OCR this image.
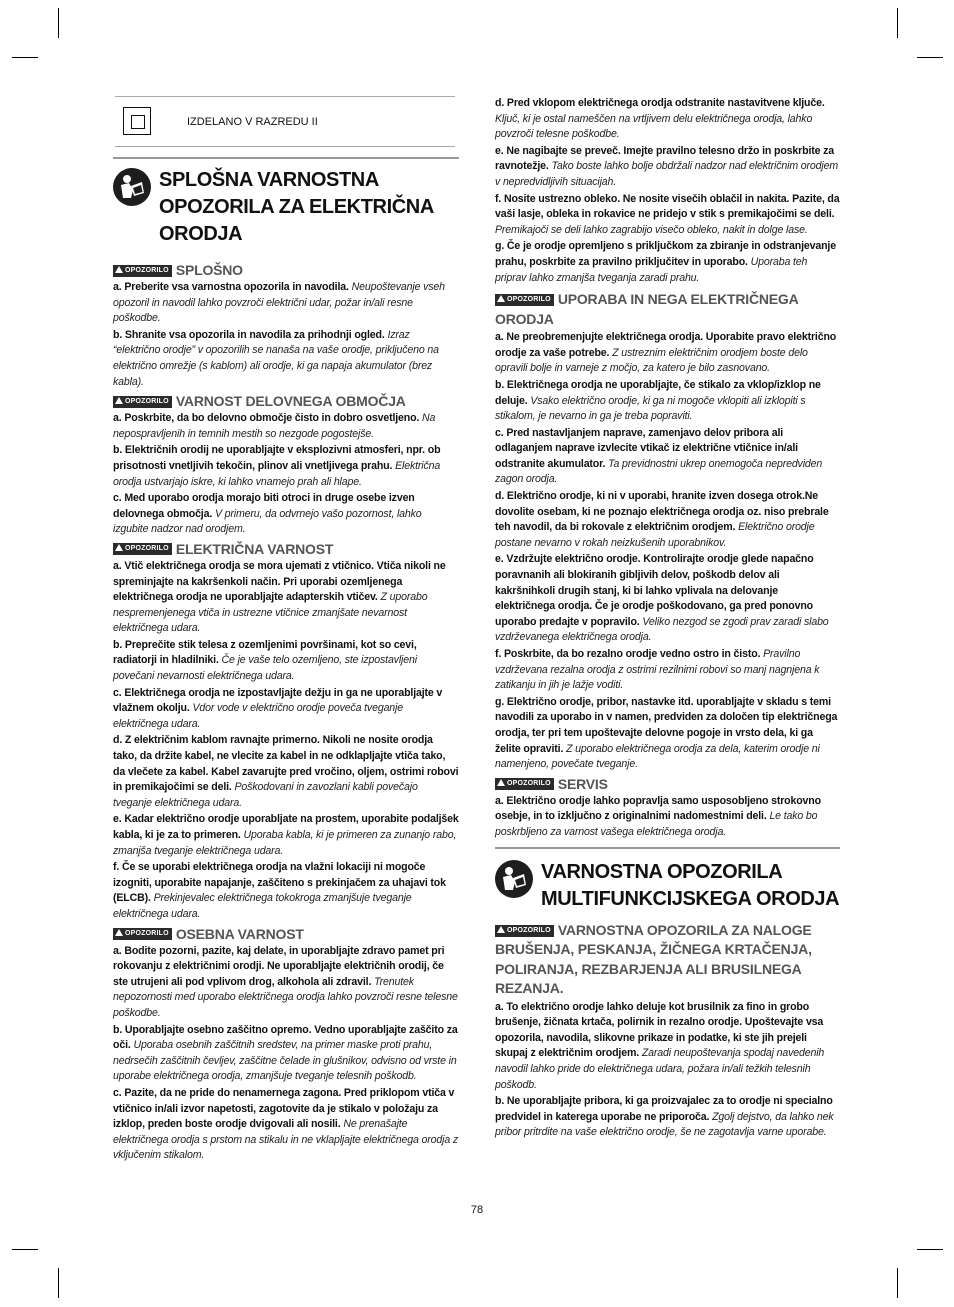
IZDELANO V RAZREDU II
SPLOŠNA VARNOSTNA OPOZORILA ZA ELEKTRIČNA ORODJA
OPOZORILO SPLOŠNO

a. Preberite vsa varnostna opozorila in navodila. Neupoštevanje vseh opozoril in navodil lahko povzroči električni udar, požar in/ali resne poškodbe.

b. Shranite vsa opozorila in navodila za prihodnji ogled. Izraz “električno orodje” v opozorilih se nanaša na vaše orodje, priključeno na električno omrežje (s kablom) ali orodje, ki ga napaja akumulator (brez kabla).

OPOZORILO VARNOST DELOVNEGA OBMOČJA

a. Poskrbite, da bo delovno območje čisto in dobro osvetljeno. Na nepospravljenih in temnih mestih so nezgode pogostejše.

b. Električnih orodij ne uporabljajte v eksplozivni atmosferi, npr. ob prisotnosti vnetljivih tekočin, plinov ali vnetljivega prahu. Električna orodja ustvarjajo iskre, ki lahko vnamejo prah ali hlape.

c. Med uporabo orodja morajo biti otroci in druge osebe izven delovnega območja. V primeru, da odvrnejo vašo pozornost, lahko izgubite nadzor nad orodjem.

OPOZORILO ELEKTRIČNA VARNOST

a. Vtič električnega orodja se mora ujemati z vtičnico. Vtiča nikoli ne spreminjajte na kakršenkoli način. Pri uporabi ozemljenega električnega orodja ne uporabljajte adapterskih vtičev. Z uporabo nespremenjenega vtiča in ustrezne vtičnice zmanjšate nevarnost električnega udara.

b. Preprečite stik telesa z ozemljenimi površinami, kot so cevi, radiatorji in hladilniki. Če je vaše telo ozemljeno, ste izpostavljeni povečani nevarnosti električnega udara.

c. Električnega orodja ne izpostavljajte dežju in ga ne uporabljajte v vlažnem okolju. Vdor vode v električno orodje poveča tveganje električnega udara.

d. Z električnim kablom ravnajte primerno. Nikoli ne nosite orodja tako, da držite kabel, ne vlecite za kabel in ne odklapljajte vtiča tako, da vlečete za kabel. Kabel zavarujte pred vročino, oljem, ostrimi robovi in premikajočimi se deli. Poškodovani in zavozlani kabli povečajo tveganje električnega udara.

e. Kadar električno orodje uporabljate na prostem, uporabite podaljšek kabla, ki je za to primeren. Uporaba kabla, ki je primeren za zunanjo rabo, zmanjša tveganje električnega udara.

f. Če se uporabi električnega orodja na vlažni lokaciji ni mogoče izogniti, uporabite napajanje, zaščiteno s prekinjačem za uhajavi tok (ELCB). Prekinjevalec električnega tokokroga zmanjšuje tveganje električnega udara.

OPOZORILO OSEBNA VARNOST

a. Bodite pozorni, pazite, kaj delate, in uporabljajte zdravo pamet pri rokovanju z električnimi orodji. Ne uporabljajte električnih orodij, če ste utrujeni ali pod vplivom drog, alkohola ali zdravil. Trenutek nepozornosti med uporabo električnega orodja lahko povzroči resne telesne poškodbe.

b. Uporabljajte osebno zaščitno opremo. Vedno uporabljajte zaščito za oči. Uporaba osebnih zaščitnih sredstev, na primer maske proti prahu, nedrsečih zaščitnih čevljev, zaščitne čelade in glušnikov, odvisno od vrste in uporabe električnega orodja, zmanjšuje tveganje telesnih poškodb.

c. Pazite, da ne pride do nenamernega zagona. Pred priklopom vtiča v vtičnico in/ali izvor napetosti, zagotovite da je stikalo v položaju za izklop, preden boste orodje dvigovali ali nosili. Ne prenašajte električnega orodja s prstom na stikalu in ne vklapljajte električnega orodja z vključenim stikalom.

d. Pred vklopom električnega orodja odstranite nastavitvene ključe. Ključ, ki je ostal nameščen na vrtljivem delu električnega orodja, lahko povzroči telesne poškodbe.

e. Ne nagibajte se preveč. Imejte pravilno telesno držo in poskrbite za ravnotežje. Tako boste lahko bolje obdržali nadzor nad električnim orodjem v nepredvidljivih situacijah.

f. Nosite ustrezno obleko. Ne nosite visečih oblačil in nakita. Pazite, da vaši lasje, obleka in rokavice ne pridejo v stik s premikajočimi se deli. Premikajoči se deli lahko zagrabijo visečo obleko, nakit in dolge lase.

g. Če je orodje opremljeno s priključkom za zbiranje in odstranjevanje prahu, poskrbite za pravilno priključitev in uporabo. Uporaba teh priprav lahko zmanjša tveganja zaradi prahu.

OPOZORILO UPORABA IN NEGA ELEKTRIČNEGA ORODJA

a. Ne preobremenjujte električnega orodja. Uporabite pravo električno orodje za vaše potrebe. Z ustreznim električnim orodjem boste delo opravili bolje in varneje z močjo, za katero je bilo zasnovano.

b. Električnega orodja ne uporabljajte, če stikalo za vklop/izklop ne deluje. Vsako električno orodje, ki ga ni mogoče vklopiti ali izklopiti s stikalom, je nevarno in ga je treba popraviti.

c. Pred nastavljanjem naprave, zamenjavo delov pribora ali odlaganjem naprave izvlecite vtikač iz električne vtičnice in/ali odstranite akumulator. Ta previdnostni ukrep onemogoča nepredviden zagon orodja.

d. Električno orodje, ki ni v uporabi, hranite izven dosega otrok.Ne dovolite osebam, ki ne poznajo električnega orodja oz. niso prebrale teh navodil, da bi rokovale z električnim orodjem. Električno orodje postane nevarno v rokah neizkušenih uporabnikov.

e. Vzdržujte električno orodje. Kontrolirajte orodje glede napačno poravnanih ali blokiranih gibljivih delov, poškodb delov ali kakršnihkoli drugih stanj, ki bi lahko vplivala na delovanje električnega orodja. Če je orodje poškodovano, ga pred ponovno uporabo predajte v popravilo. Veliko nezgod se zgodi prav zaradi slabo vzdrževanega električnega orodja.

f. Poskrbite, da bo rezalno orodje vedno ostro in čisto. Pravilno vzdrževana rezalna orodja z ostrimi rezilnimi robovi so manj nagnjena k zatikanju in jih je lažje voditi.

g. Električno orodje, pribor, nastavke itd. uporabljajte v skladu s temi navodili za uporabo in v namen, predviden za določen tip električnega orodja, ter pri tem upoštevajte delovne pogoje in vrsto dela, ki ga želite opraviti. Z uporabo električnega orodja za dela, katerim orodje ni namenjeno, povečate tveganje.

OPOZORILO SERVIS

a. Električno orodje lahko popravlja samo usposobljeno strokovno osebje, in to izključno z originalnimi nadomestnimi deli. Le tako bo poskrbljeno za varnost vašega električnega orodja.

VARNOSTNA OPOZORILA MULTIFUNKCIJSKEGA ORODJA
OPOZORILO VARNOSTNA OPOZORILA ZA NALOGE BRUŠENJA, PESKANJA, ŽIČNEGA KRTAČENJA, POLIRANJA, REZBARJENJA ALI BRUSILNEGA REZANJA.

a. To električno orodje lahko deluje kot brusilnik za fino in grobo brušenje, žičnata krtača, polirnik in rezalno orodje. Upoštevajte vsa opozorila, navodila, slikovne prikaze in podatke, ki ste jih prejeli skupaj z električnim orodjem. Zaradi neupoštevanja spodaj navedenih navodil lahko pride do električnega udara, požara in/ali težkih telesnih poškodb.

b. Ne uporabljajte pribora, ki ga proizvajalec za to orodje ni specialno predvidel in katerega uporabe ne priporoča. Zgolj dejstvo, da lahko nek pribor pritrdite na vaše električno orodje, še ne zagotavlja varne uporabe.

78
